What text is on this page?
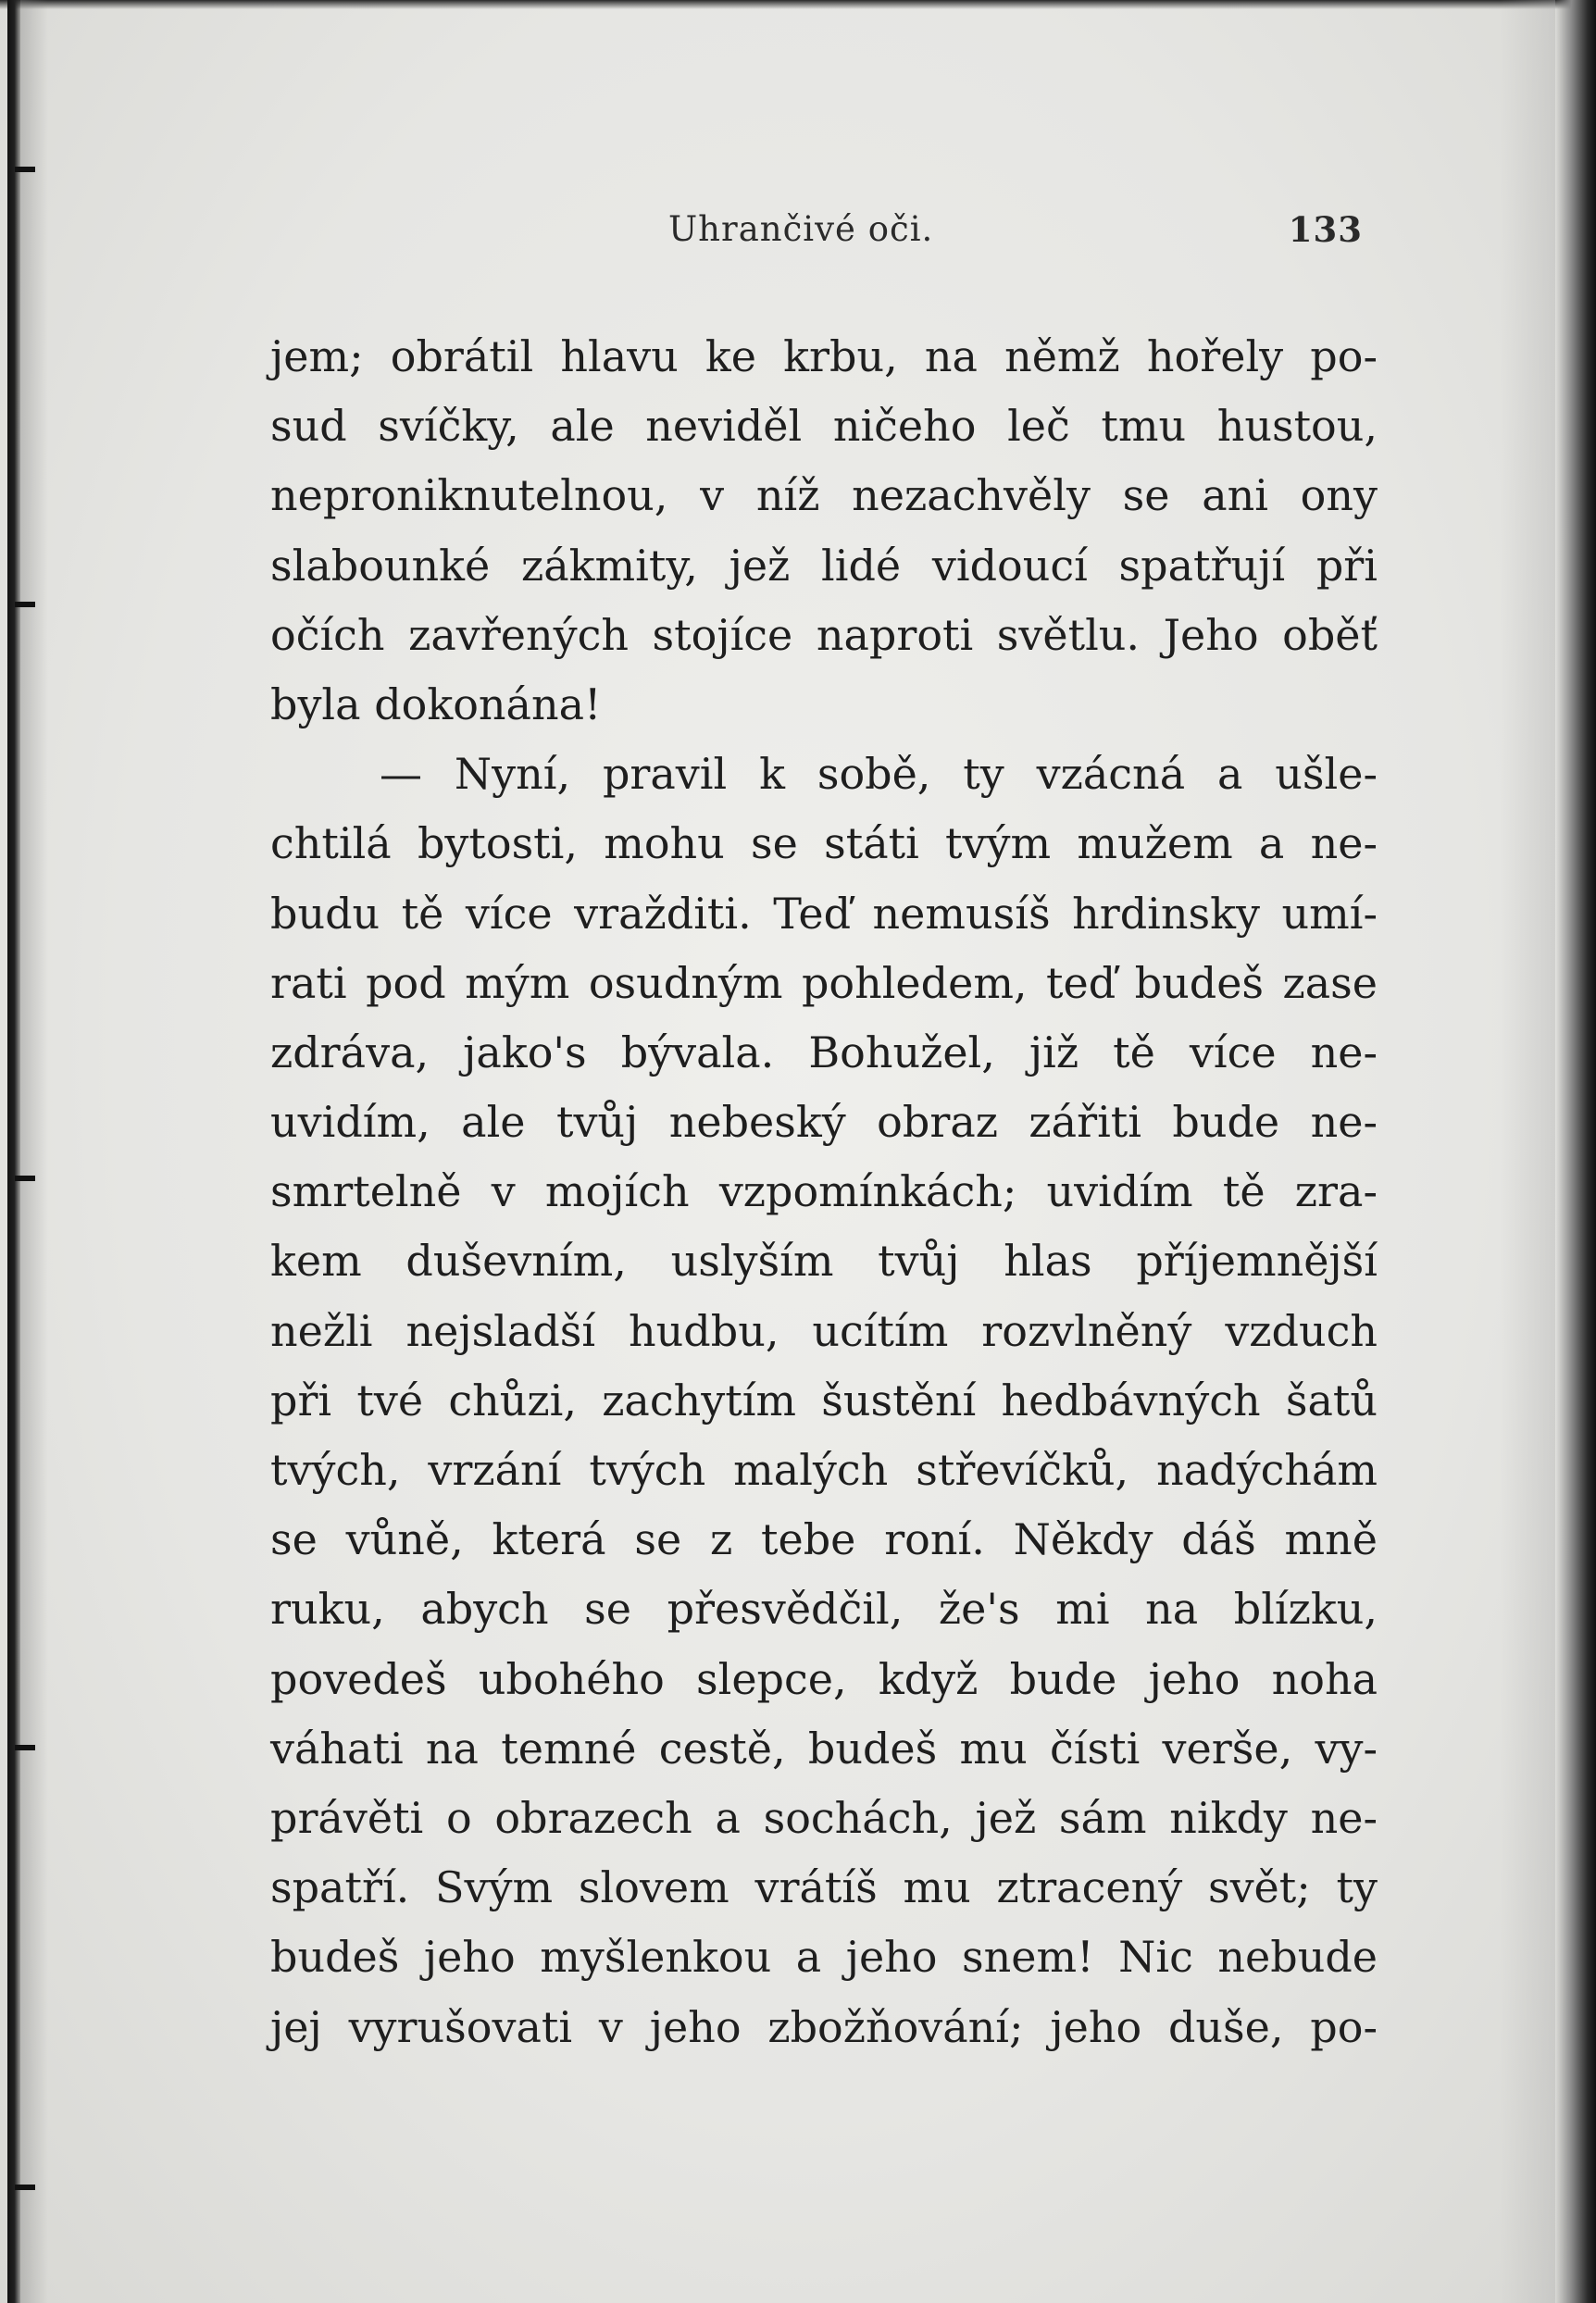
Uhrančivé oči.	133
jem; obrátil hlavu ke krbu, na němž hořely po-
sud svíčky, ale neviděl ničeho leč tmu hustou,
neproniknutelnou, v níž nezachvěly se ani ony
slabounké zákmity, jež lidé vidoucí spatřují při
očích zavřených stojíce naproti světlu. Jeho oběť
byla dokonána!
— Nyní, pravil k sobě, ty vzácná a ušle-
chtilá bytosti, mohu se státi tvým mužem a ne-
budu tě více vražditi. Teď nemusíš hrdinsky umí-
rati pod mým osudným pohledem, teď budeš zase
zdráva, jako's bývala. Bohužel, již tě více ne-
uvidím, ale tvůj nebeský obraz zářiti bude ne-
smrtelně v mojích vzpomínkách; uvidím tě zra-
kem duševním, uslyším tvůj hlas příjemnější
nežli nejsladší hudbu, ucítím rozvlněný vzduch
při tvé chůzi, zachytím šustění hedbávných šatů
tvých, vrzání tvých malých střevíčků, nadýchám
se vůně, která se z tebe roní. Někdy dáš mně
ruku, abych se přesvědčil, že's mi na blízku,
povedeš ubohého slepce, když bude jeho noha
váhati na temné cestě, budeš mu čísti verše, vy-
právěti o obrazech a sochách, jež sám nikdy ne-
spatří. Svým slovem vrátíš mu ztracený svět; ty
budeš jeho myšlenkou a jeho snem! Nic nebude
jej vyrušovati v jeho zbožňování; jeho duše, po-
